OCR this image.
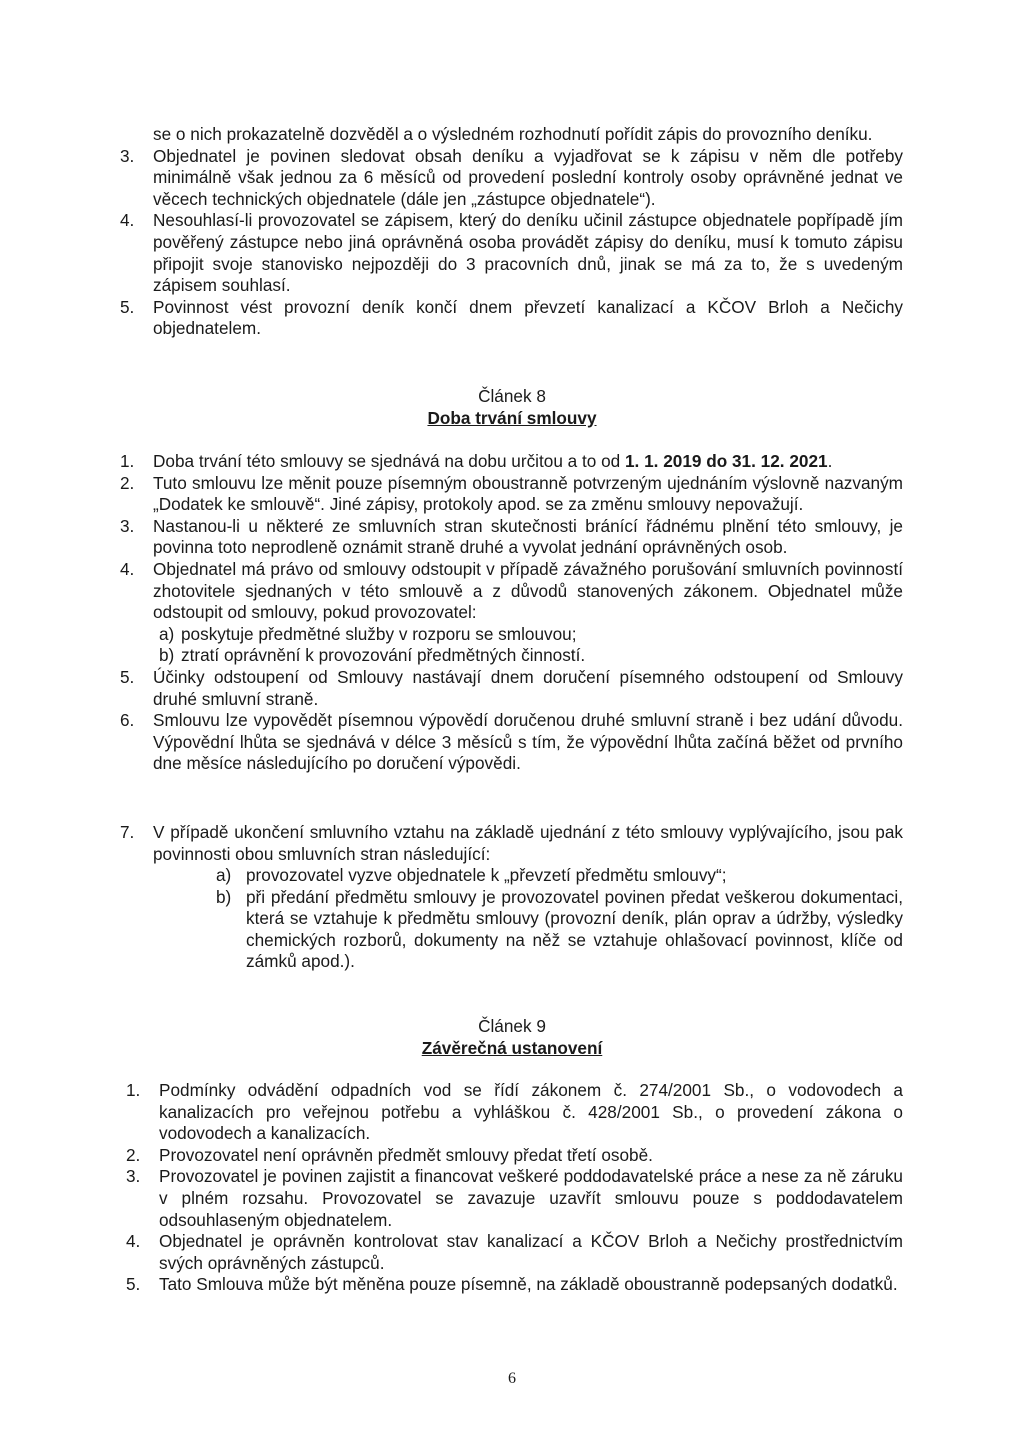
se o nich prokazatelně dozvěděl a o výsledném rozhodnutí pořídit zápis do provozního deníku.

3. Objednatel je povinen sledovat obsah deníku a vyjadřovat se k zápisu v něm dle potřeby minimálně však jednou za 6 měsíců od provedení poslední kontroly osoby oprávněné jednat ve věcech technických objednatele (dále jen „zástupce objednatele“).

4. Nesouhlasí-li provozovatel se zápisem, který do deníku učinil zástupce objednatele popřípadě jím pověřený zástupce nebo jiná oprávněná osoba provádět zápisy do deníku, musí k tomuto zápisu připojit svoje stanovisko nejpozději do 3 pracovních dnů, jinak se má za to, že s uvedeným zápisem souhlasí.

5. Povinnost vést provozní deník končí dnem převzetí kanalizací a KČOV Brloh a Nečichy objednatelem.

Článek 8
Doba trvání smlouvy
1. Doba trvání této smlouvy se sjednává na dobu určitou a to od 1. 1. 2019 do 31. 12. 2021.

2. Tuto smlouvu lze měnit pouze písemným oboustranně potvrzeným ujednáním výslovně nazvaným „Dodatek ke smlouvě“. Jiné zápisy, protokoly apod. se za změnu smlouvy nepovažují.

3. Nastanou-li u některé ze smluvních stran skutečnosti bránící řádnému plnění této smlouvy, je povinna toto neprodleně oznámit straně druhé a vyvolat jednání oprávněných osob.

4. Objednatel má právo od smlouvy odstoupit v případě závažného porušování smluvních povinností zhotovitele sjednaných v této smlouvě a z důvodů stanovených zákonem. Objednatel může odstoupit od smlouvy, pokud provozovatel:

a) poskytuje předmětné služby v rozporu se smlouvou;

b) ztratí oprávnění k provozování předmětných činností.

5. Účinky odstoupení od Smlouvy nastávají dnem doručení písemného odstoupení od Smlouvy druhé smluvní straně.

6. Smlouvu lze vypovědět písemnou výpovědí doručenou druhé smluvní straně i bez udání důvodu. Výpovědní lhůta se sjednává v délce 3 měsíců s tím, že výpovědní lhůta začíná běžet od prvního dne měsíce následujícího po doručení výpovědi.

7. V případě ukončení smluvního vztahu na základě ujednání z této smlouvy vyplývajícího, jsou pak povinnosti obou smluvních stran následující:

a) provozovatel vyzve objednatele k „převzetí předmětu smlouvy“;

b) při předání předmětu smlouvy je provozovatel povinen předat veškerou dokumentaci, která se vztahuje k předmětu smlouvy (provozní deník, plán oprav a údržby, výsledky chemických rozborů, dokumenty na něž se vztahuje ohlašovací povinnost, klíče od zámků apod.).

Článek 9
Závěrečná ustanovení
1. Podmínky odvádění odpadních vod se řídí zákonem č. 274/2001 Sb., o vodovodech a kanalizacích pro veřejnou potřebu a vyhláškou č. 428/2001 Sb., o provedení zákona o vodovodech a kanalizacích.

2. Provozovatel není oprávněn předmět smlouvy předat třetí osobě.

3. Provozovatel je povinen zajistit a financovat veškeré poddodavatelské práce a nese za ně záruku v plném rozsahu. Provozovatel se zavazuje uzavřít smlouvu pouze s poddodavatelem odsouhlaseným objednatelem.

4. Objednatel je oprávněn kontrolovat stav kanalizací a KČOV Brloh a Nečichy prostřednictvím svých oprávněných zástupců.

5. Tato Smlouva může být měněna pouze písemně, na základě oboustranně podepsaných dodatků.

6
